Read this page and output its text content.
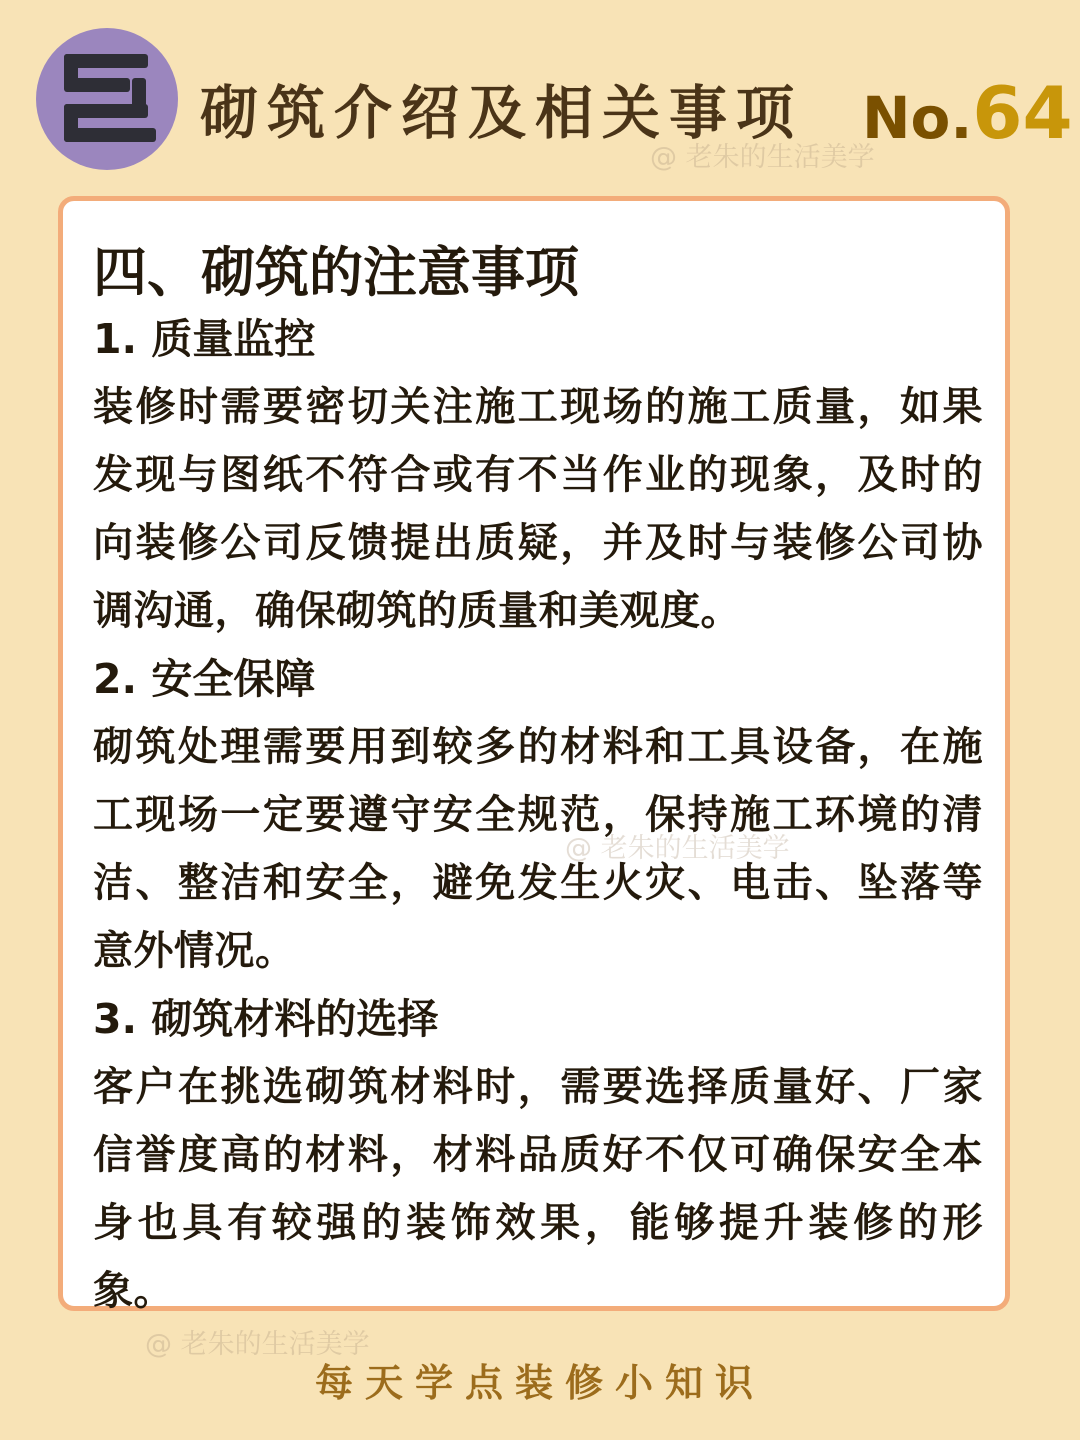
砌筑介绍及相关事项 No.64
@ 老朱的生活美学
四、砌筑的注意事项

1. 质量监控

装修时需要密切关注施工现场的施工质量，如果发现与图纸不符合或有不当作业的现象，及时的向装修公司反馈提出质疑，并及时与装修公司协调沟通，确保砌筑的质量和美观度。

2. 安全保障

砌筑处理需要用到较多的材料和工具设备，在施工现场一定要遵守安全规范，保持施工环境的清洁、整洁和安全，避免发生火灾、电击、坠落等意外情况。

3. 砌筑材料的选择

客户在挑选砌筑材料时，需要选择质量好、厂家信誉度高的材料，材料品质好不仅可确保安全本身也具有较强的装饰效果，能够提升装修的形象。

@ 老朱的生活美学
@ 老朱的生活美学
每天学点装修小知识
